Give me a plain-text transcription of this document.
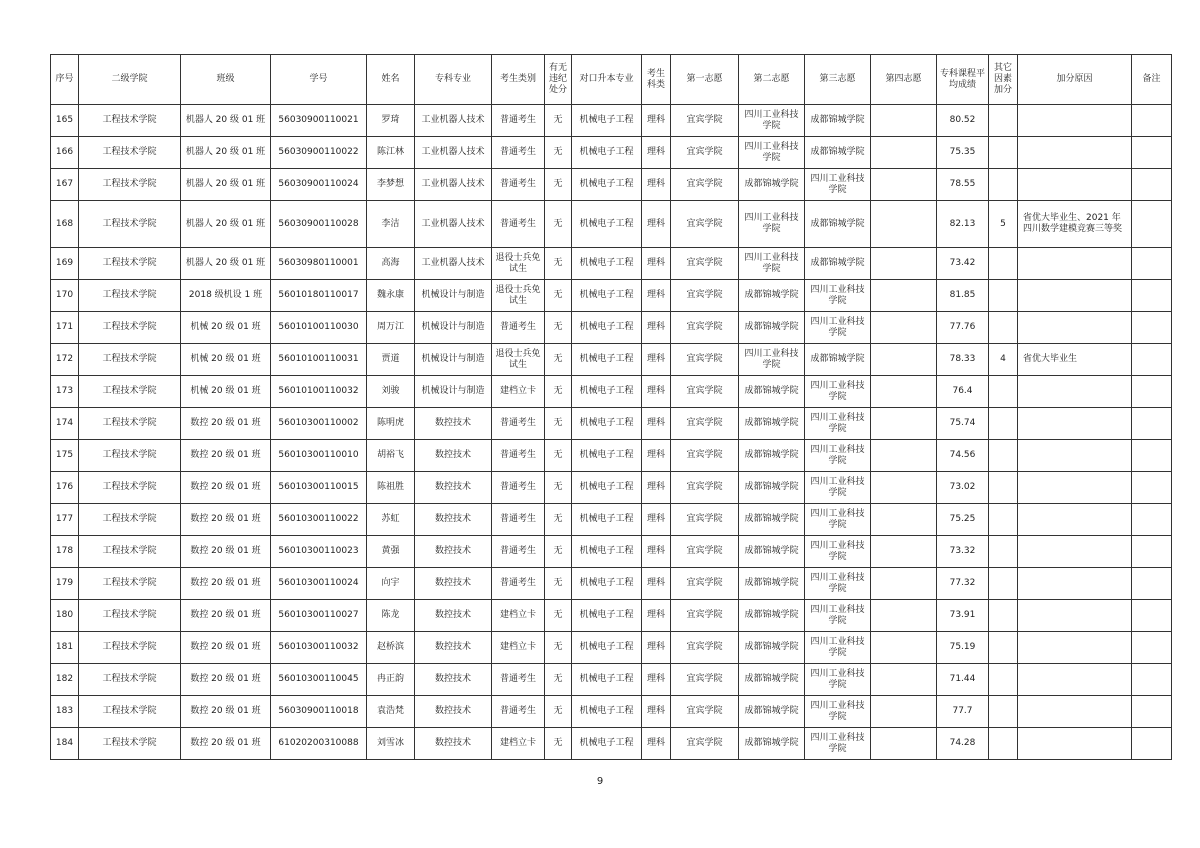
序号	二级学院	班级	学号	姓名	专科专业	考生类别	有无违纪处分	对口升本专业	考生科类	第一志愿	第二志愿	第三志愿	第四志愿	专科课程平均成绩	其它因素加分	加分原因	备注
165	工程技术学院	机器人 20 级 01 班	56030900110021	罗琦	工业机器人技术	普通考生	无	机械电子工程	理科	宜宾学院	四川工业科技学院	成都锦城学院		80.52			
166	工程技术学院	机器人 20 级 01 班	56030900110022	陈江林	工业机器人技术	普通考生	无	机械电子工程	理科	宜宾学院	四川工业科技学院	成都锦城学院		75.35			
167	工程技术学院	机器人 20 级 01 班	56030900110024	李梦想	工业机器人技术	普通考生	无	机械电子工程	理科	宜宾学院	成都锦城学院	四川工业科技学院		78.55			
168	工程技术学院	机器人 20 级 01 班	56030900110028	李洁	工业机器人技术	普通考生	无	机械电子工程	理科	宜宾学院	四川工业科技学院	成都锦城学院		82.13	5	省优大毕业生、2021 年四川数学建模竞赛三等奖	
169	工程技术学院	机器人 20 级 01 班	56030980110001	高海	工业机器人技术	退役士兵免试生	无	机械电子工程	理科	宜宾学院	四川工业科技学院	成都锦城学院		73.42			
170	工程技术学院	2018 级机设 1 班	56010180110017	魏永康	机械设计与制造	退役士兵免试生	无	机械电子工程	理科	宜宾学院	成都锦城学院	四川工业科技学院		81.85			
171	工程技术学院	机械 20 级 01 班	56010100110030	周万江	机械设计与制造	普通考生	无	机械电子工程	理科	宜宾学院	成都锦城学院	四川工业科技学院		77.76			
172	工程技术学院	机械 20 级 01 班	56010100110031	贾道	机械设计与制造	退役士兵免试生	无	机械电子工程	理科	宜宾学院	四川工业科技学院	成都锦城学院		78.33	4	省优大毕业生	
173	工程技术学院	机械 20 级 01 班	56010100110032	刘骏	机械设计与制造	建档立卡	无	机械电子工程	理科	宜宾学院	成都锦城学院	四川工业科技学院		76.4			
174	工程技术学院	数控 20 级 01 班	56010300110002	陈明虎	数控技术	普通考生	无	机械电子工程	理科	宜宾学院	成都锦城学院	四川工业科技学院		75.74			
175	工程技术学院	数控 20 级 01 班	56010300110010	胡裕飞	数控技术	普通考生	无	机械电子工程	理科	宜宾学院	成都锦城学院	四川工业科技学院		74.56			
176	工程技术学院	数控 20 级 01 班	56010300110015	陈祖胜	数控技术	普通考生	无	机械电子工程	理科	宜宾学院	成都锦城学院	四川工业科技学院		73.02			
177	工程技术学院	数控 20 级 01 班	56010300110022	苏虹	数控技术	普通考生	无	机械电子工程	理科	宜宾学院	成都锦城学院	四川工业科技学院		75.25			
178	工程技术学院	数控 20 级 01 班	56010300110023	黄强	数控技术	普通考生	无	机械电子工程	理科	宜宾学院	成都锦城学院	四川工业科技学院		73.32			
179	工程技术学院	数控 20 级 01 班	56010300110024	向宇	数控技术	普通考生	无	机械电子工程	理科	宜宾学院	成都锦城学院	四川工业科技学院		77.32			
180	工程技术学院	数控 20 级 01 班	56010300110027	陈龙	数控技术	建档立卡	无	机械电子工程	理科	宜宾学院	成都锦城学院	四川工业科技学院		73.91			
181	工程技术学院	数控 20 级 01 班	56010300110032	赵桥滨	数控技术	建档立卡	无	机械电子工程	理科	宜宾学院	成都锦城学院	四川工业科技学院		75.19			
182	工程技术学院	数控 20 级 01 班	56010300110045	冉正韵	数控技术	普通考生	无	机械电子工程	理科	宜宾学院	成都锦城学院	四川工业科技学院		71.44			
183	工程技术学院	数控 20 级 01 班	56030900110018	袁浩梵	数控技术	普通考生	无	机械电子工程	理科	宜宾学院	成都锦城学院	四川工业科技学院		77.7			
184	工程技术学院	数控 20 级 01 班	61020200310088	刘雪冰	数控技术	建档立卡	无	机械电子工程	理科	宜宾学院	成都锦城学院	四川工业科技学院		74.28			
9
